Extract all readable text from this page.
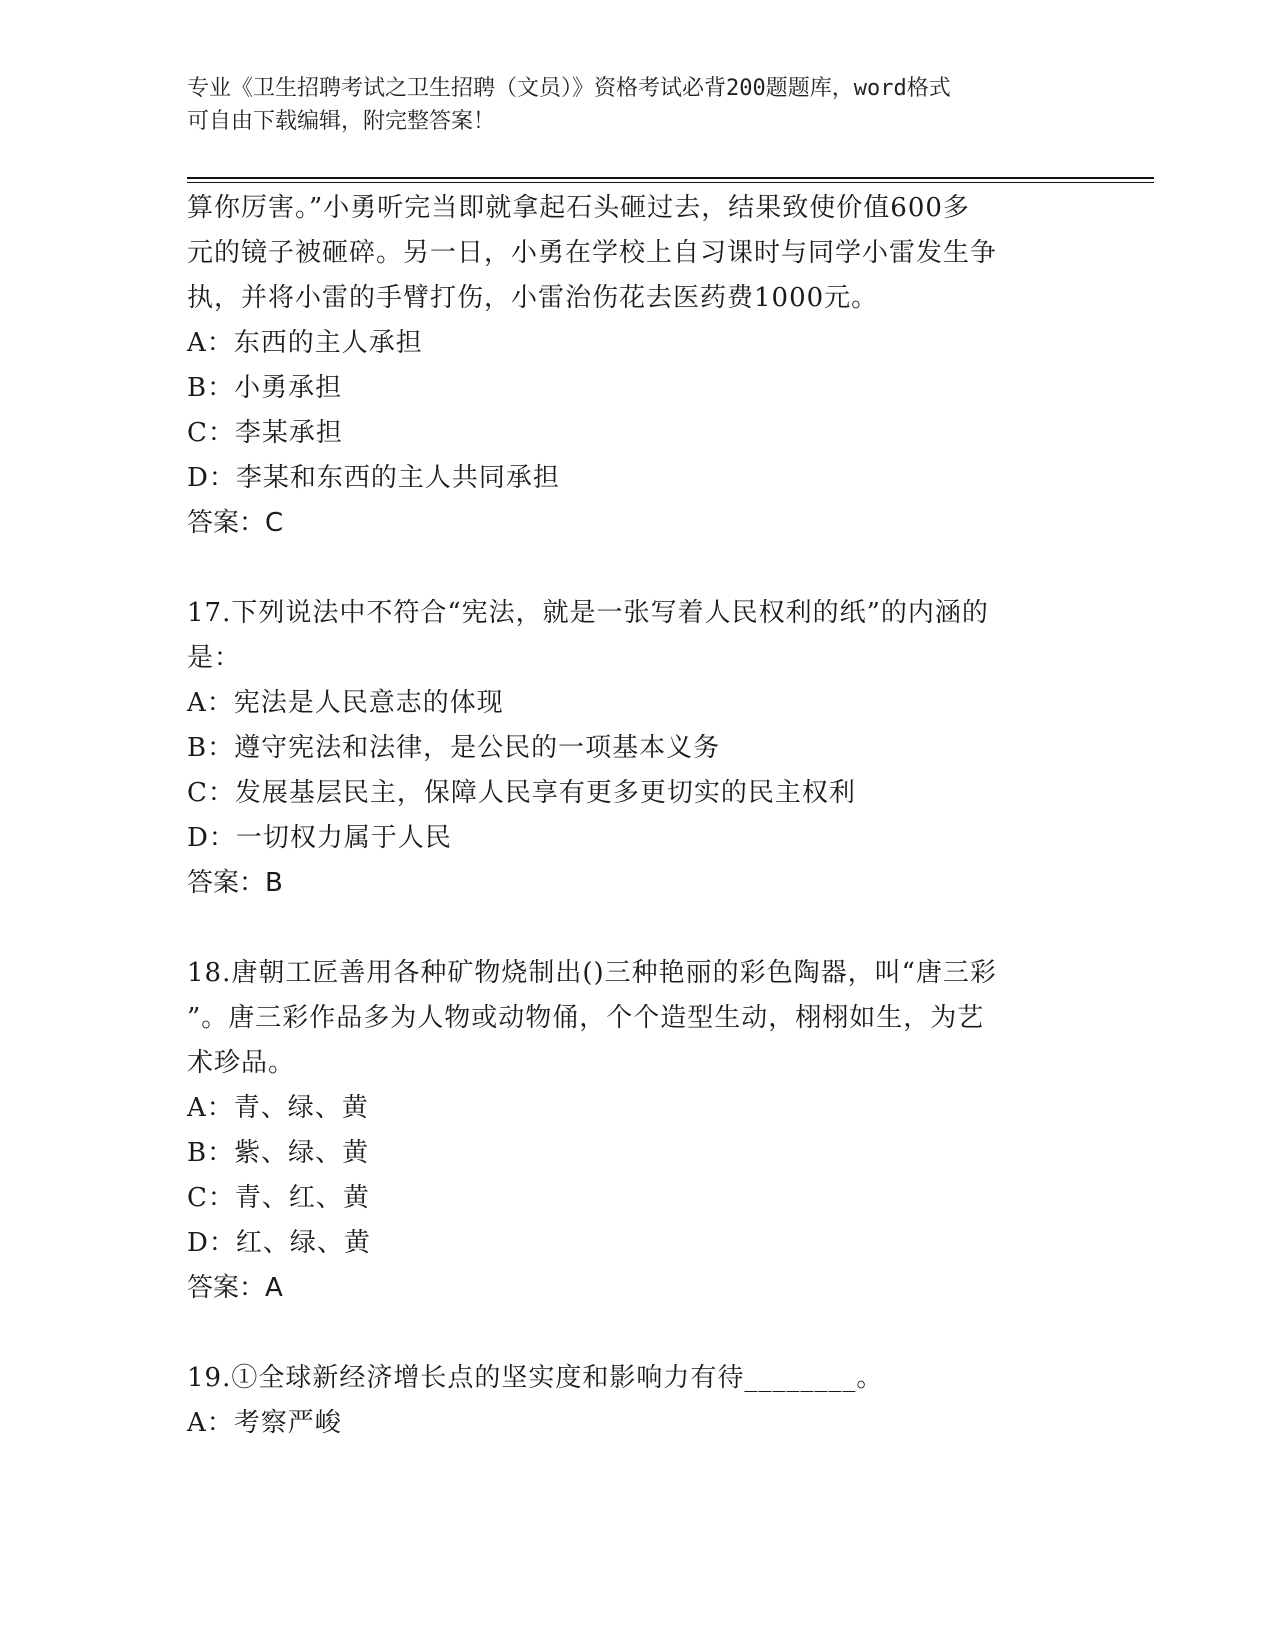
专业《卫生招聘考试之卫生招聘（文员）》资格考试必背200题题库，word格式
可自由下载编辑，附完整答案！
算你厉害。”小勇听完当即就拿起石头砸过去，结果致使价值600多
元的镜子被砸碎。另一日，小勇在学校上自习课时与同学小雷发生争
执，并将小雷的手臂打伤，小雷治伤花去医药费1000元。
A：东西的主人承担
B：小勇承担
C：李某承担
D：李某和东西的主人共同承担
答案：C
17.下列说法中不符合“宪法，就是一张写着人民权利的纸”的内涵的
是：
A：宪法是人民意志的体现
B：遵守宪法和法律，是公民的一项基本义务
C：发展基层民主，保障人民享有更多更切实的民主权利
D：一切权力属于人民
答案：B
18.唐朝工匠善用各种矿物烧制出()三种艳丽的彩色陶器，叫“唐三彩
”。唐三彩作品多为人物或动物俑，个个造型生动，栩栩如生，为艺
术珍品。
A：青、绿、黄
B：紫、绿、黄
C：青、红、黄
D：红、绿、黄
答案：A
19.①全球新经济增长点的坚实度和影响力有待________。
A：考察严峻
